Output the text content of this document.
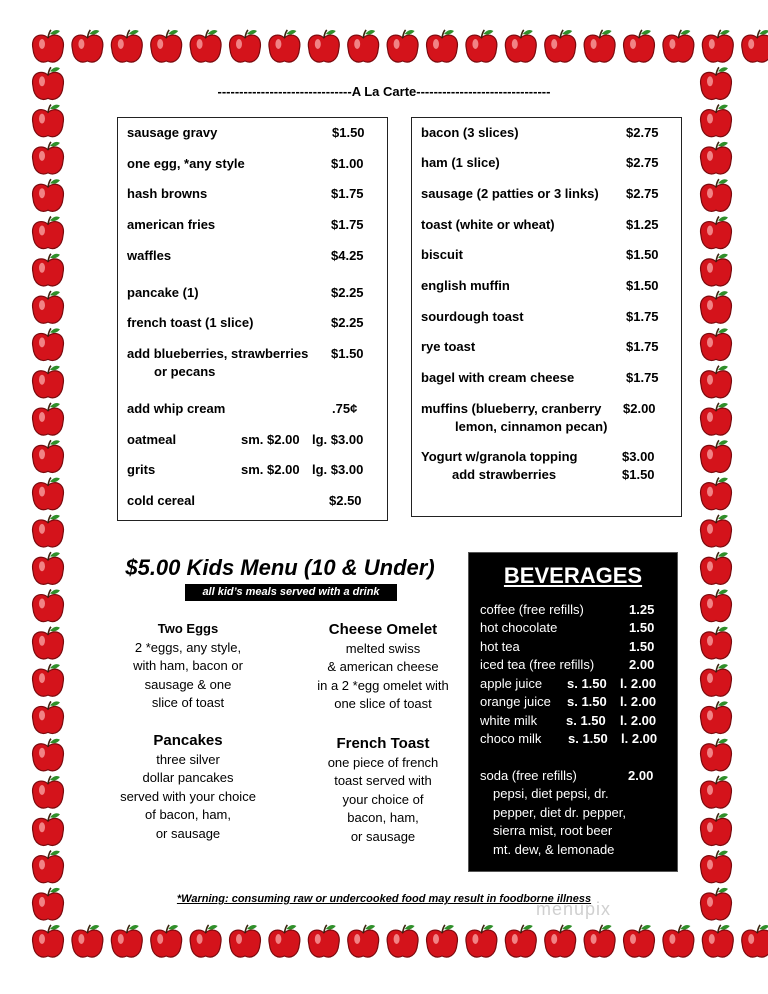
-------------------------------A La Carte-------------------------------
sausage gravy	$1.50
one egg, *any style	$1.00
hash browns	$1.75
american fries	$1.75
waffles	$4.25
pancake (1)	$2.25
french toast (1 slice)	$2.25
add blueberries, strawberries $1.50
or pecans
add whip cream	.75¢
oatmeal	sm. $2.00 lg. $3.00
grits	sm. $2.00 lg. $3.00
cold cereal	$2.50
bacon (3 slices)	$2.75
ham (1 slice)	$2.75
sausage (2 patties or 3 links) $2.75
toast (white or wheat)	$1.25
biscuit	$1.50
english muffin	$1.50
sourdough toast	$1.75
rye toast	$1.75
bagel with cream cheese	$1.75
muffins (blueberry, cranberry $2.00
lemon, cinnamon pecan)
Yogurt w/granola topping	$3.00
add strawberries	$1.50
$5.00 Kids Menu (10 & Under)
all kid’s meals served with a drink
Two Eggs
2 *eggs, any style,
with ham, bacon or
sausage & one
slice of toast
Cheese Omelet
melted swiss
& american cheese
in a 2 *egg omelet with
one slice of toast
Pancakes
three silver
dollar pancakes
served with your choice
of bacon, ham,
or sausage
French Toast
one piece of french
toast served with
your choice of
bacon, ham,
or sausage
BEVERAGES
coffee (free refills)	1.25
hot chocolate	1.50
hot tea	1.50
iced tea (free refills)	2.00
apple juice s. 1.50 l. 2.00
orange juice s. 1.50 l. 2.00
white milk s. 1.50 l. 2.00
choco milk s. 1.50 l. 2.00
soda (free refills)	2.00
pepsi, diet pepsi, dr.
pepper, diet dr. pepper,
sierra mist, root beer
mt. dew, & lemonade
*Warning: consuming raw or undercooked food may result in foodborne illness
menupix
